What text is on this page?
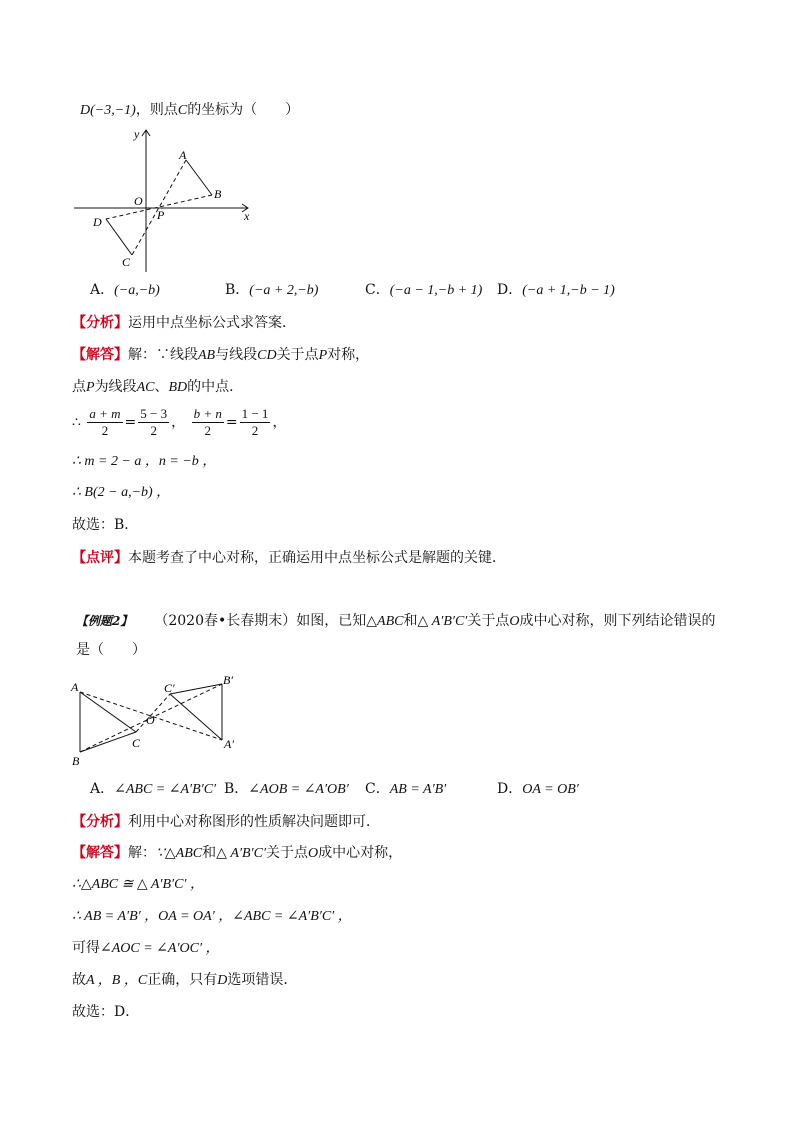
D(−3,−1)，则点C的坐标为（　　）
y
x
O
A
B
P
D
C
A．(−a,−b)	B．(−a + 2,−b)	C．(−a − 1,−b + 1) D．(−a + 1,−b − 1)
【分析】运用中点坐标公式求答案．
【解答】解：∵线段AB与线段CD关于点P对称，
点P为线段AC、BD的中点．
∴ $\frac{a + m}{2} = \frac{5 - 3}{2}$ ， $\frac{b + n}{2} = \frac{1 - 1}{2}$ ，
∴ m = 2 − a ，n = −b ，
∴ B(2 − a,−b) ，
故选：B．
【点评】本题考查了中心对称，正确运用中点坐标公式是解题的关键．
【例题2】 （2020春•长春期末）如图，已知△ABC和△ A′B′C′关于点O成中心对称，则下列结论错误的
是（　　）
A
B
C
O
A′
B′
C′
A．∠ABC = ∠A′B′C′ B．∠AOB = ∠A′OB′ C．AB = A′B′	D．OA = OB′
【分析】利用中心对称图形的性质解决问题即可．
【解答】解：∵△ABC和△ A′B′C′关于点O成中心对称，
∴△ABC ≅ △ A′B′C′ ，
∴ AB = A′B′ ，OA = OA′ ，∠ABC = ∠A′B′C′ ，
可得∠AOC = ∠A′OC′ ，
故A ，B ，C正确，只有D选项错误．
故选：D．
